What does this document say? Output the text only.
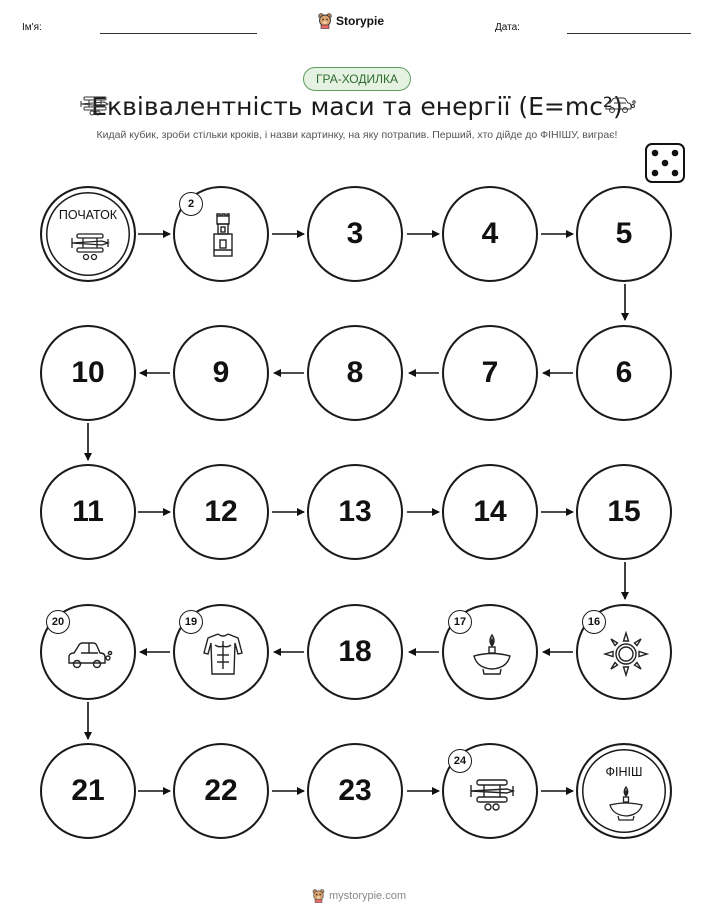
Ім'я:	Storypie	Дата:
ГРА-ХОДИЛКА
Еквівалентність маси та енергії (E=mc²)
Кидай кубик, зроби стільки кроків, і назви картинку, на яку потрапив. Перший, хто дійде до ФІНІШУ, виграє!
ПОЧАТОК
2
3	4	5
10	9	8	7	6
11	12	13	14	15
20	19
18
17	16
21	22	23
24
ФІНІШ
mystorypie.com
